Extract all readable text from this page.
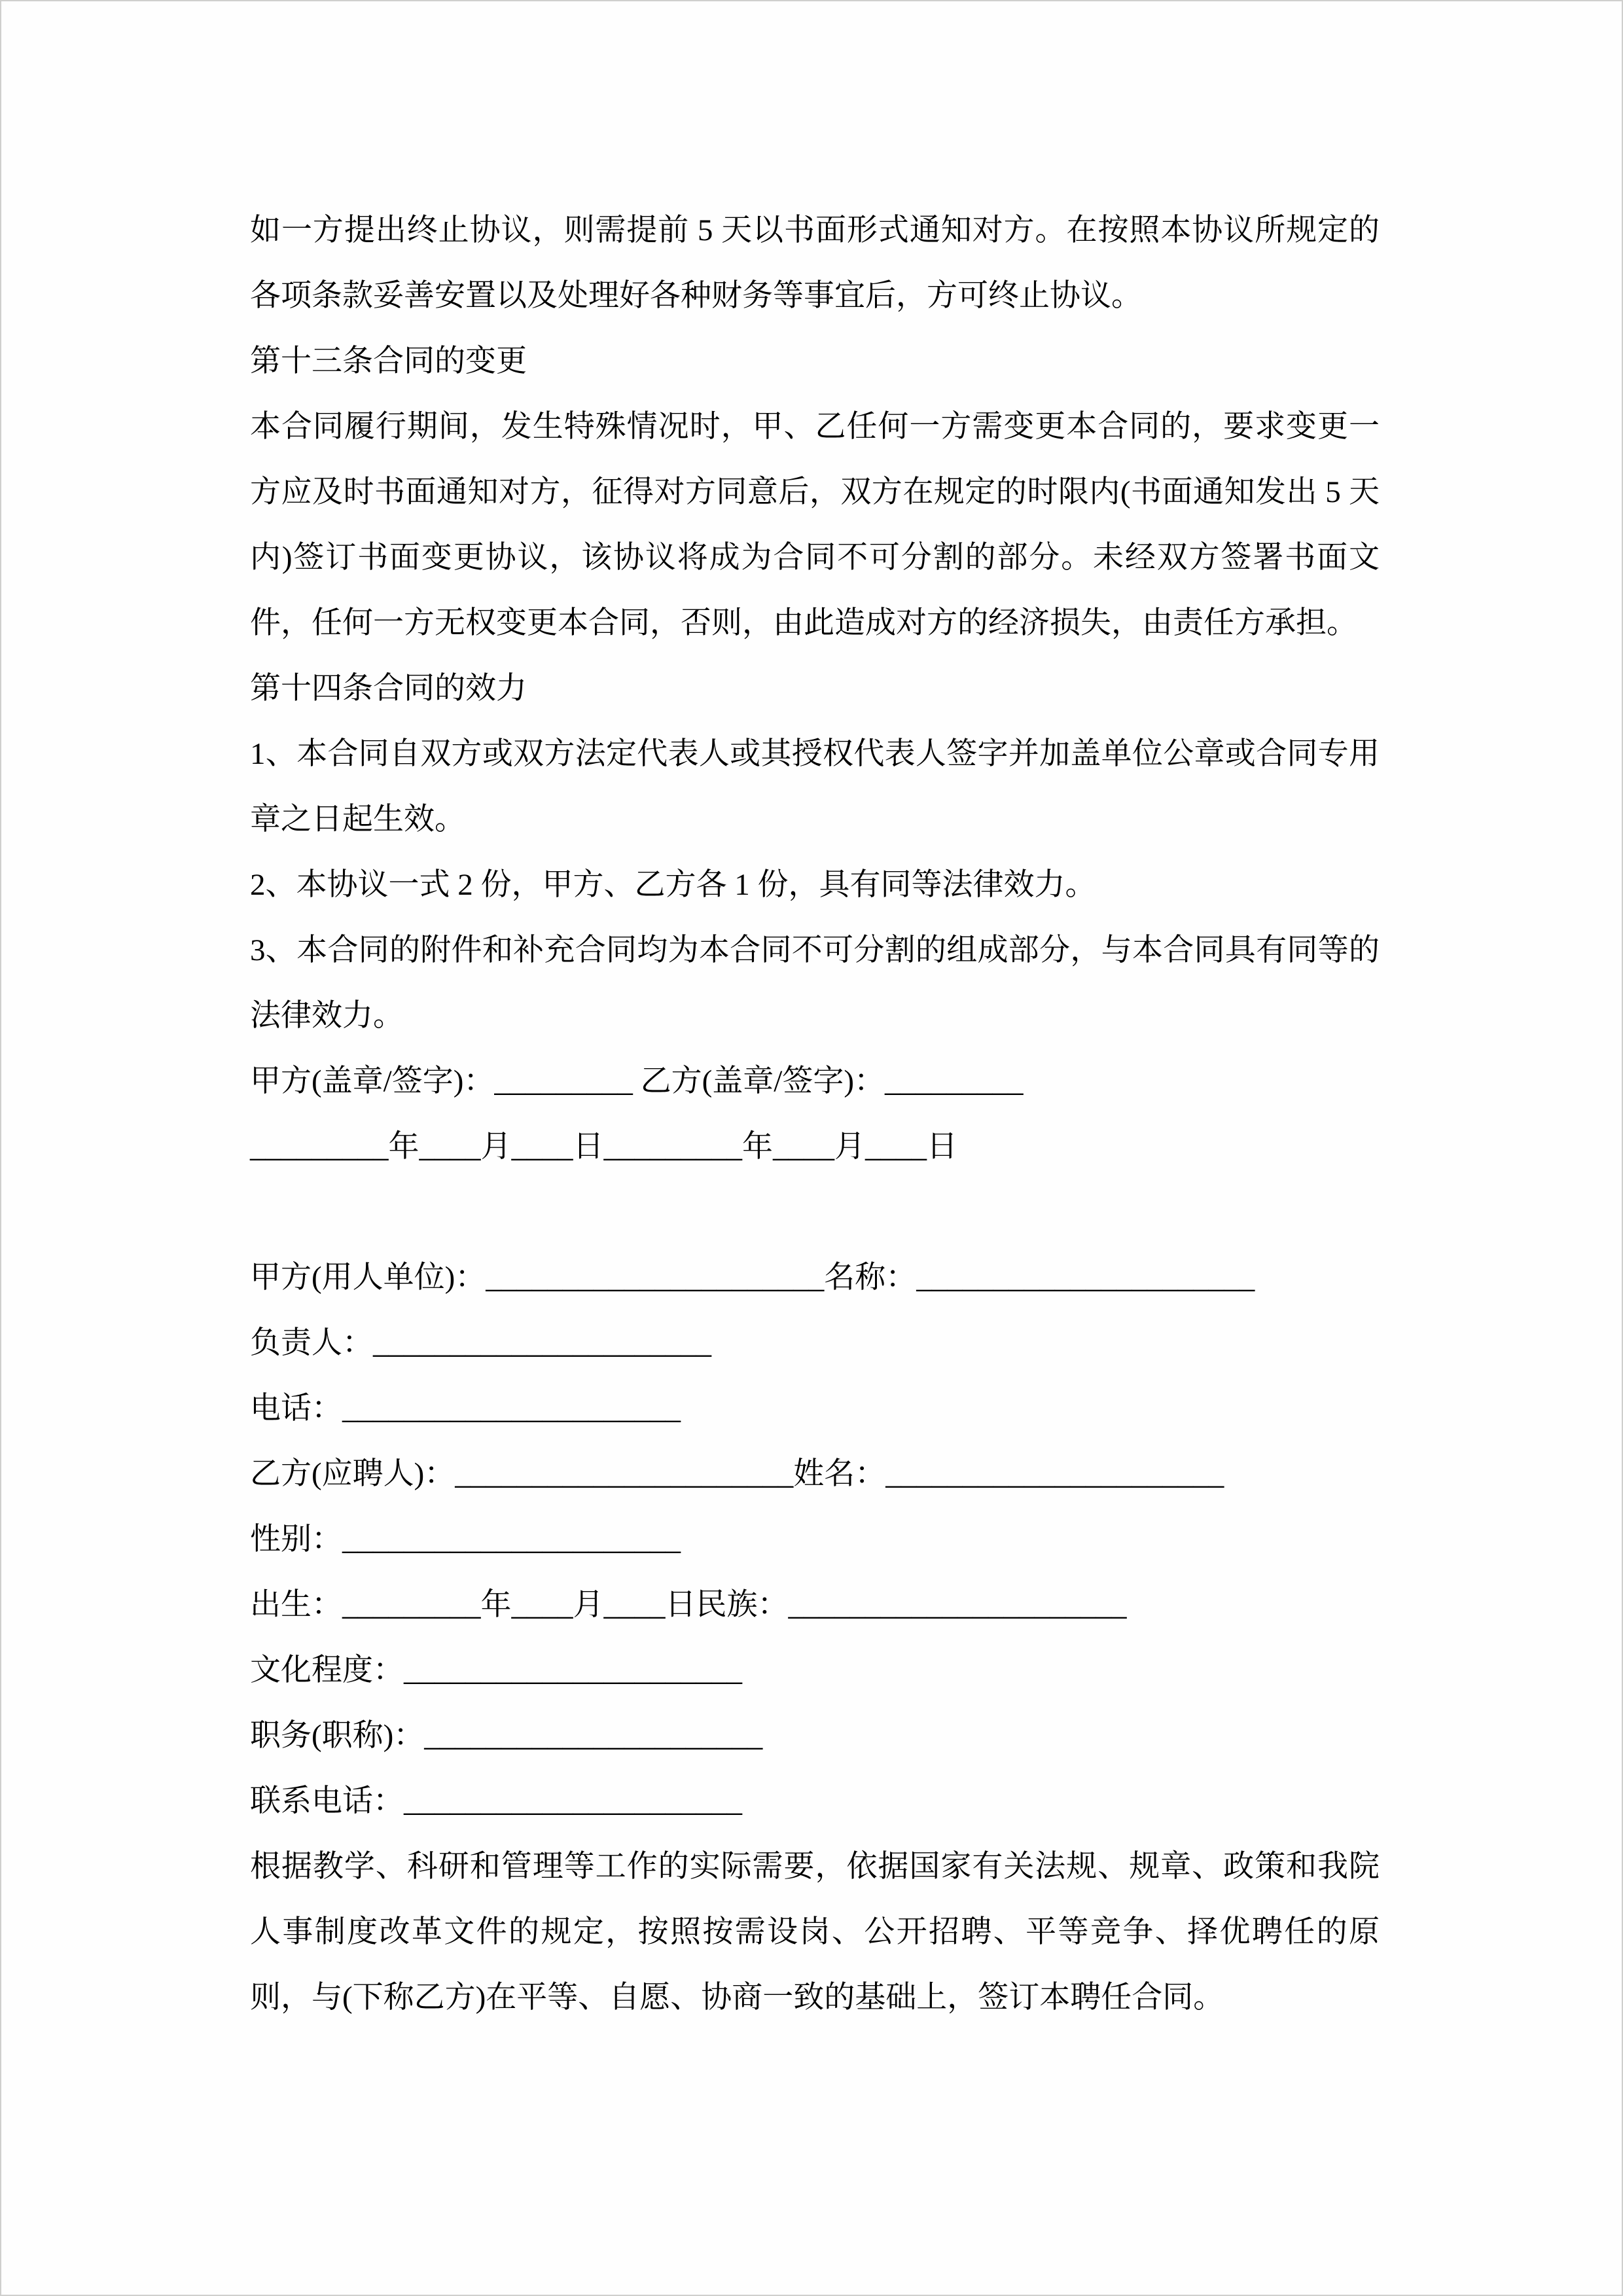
如一方提出终止协议，则需提前 5 天以书面形式通知对方。在按照本协议所规定的各项条款妥善安置以及处理好各种财务等事宜后，方可终止协议。

第十三条合同的变更

本合同履行期间，发生特殊情况时，甲、乙任何一方需变更本合同的，要求变更一方应及时书面通知对方，征得对方同意后，双方在规定的时限内(书面通知发出 5 天内)签订书面变更协议，该协议将成为合同不可分割的部分。未经双方签署书面文件，任何一方无权变更本合同，否则，由此造成对方的经济损失，由责任方承担。

第十四条合同的效力

1、本合同自双方或双方法定代表人或其授权代表人签字并加盖单位公章或合同专用章之日起生效。

2、本协议一式 2 份，甲方、乙方各 1 份，具有同等法律效力。

3、本合同的附件和补充合同均为本合同不可分割的组成部分，与本合同具有同等的法律效力。

甲方(盖章/签字)：_________ 乙方(盖章/签字)：_________

_________年____月____日_________年____月____日

甲方(用人单位)：______________________名称：______________________

负责人：______________________

电话：______________________

乙方(应聘人)：______________________姓名：______________________

性别：______________________

出生：_________年____月____日民族：______________________

文化程度：______________________

职务(职称)：______________________

联系电话：______________________

根据教学、科研和管理等工作的实际需要，依据国家有关法规、规章、政策和我院人事制度改革文件的规定，按照按需设岗、公开招聘、平等竞争、择优聘任的原则，与(下称乙方)在平等、自愿、协商一致的基础上，签订本聘任合同。
